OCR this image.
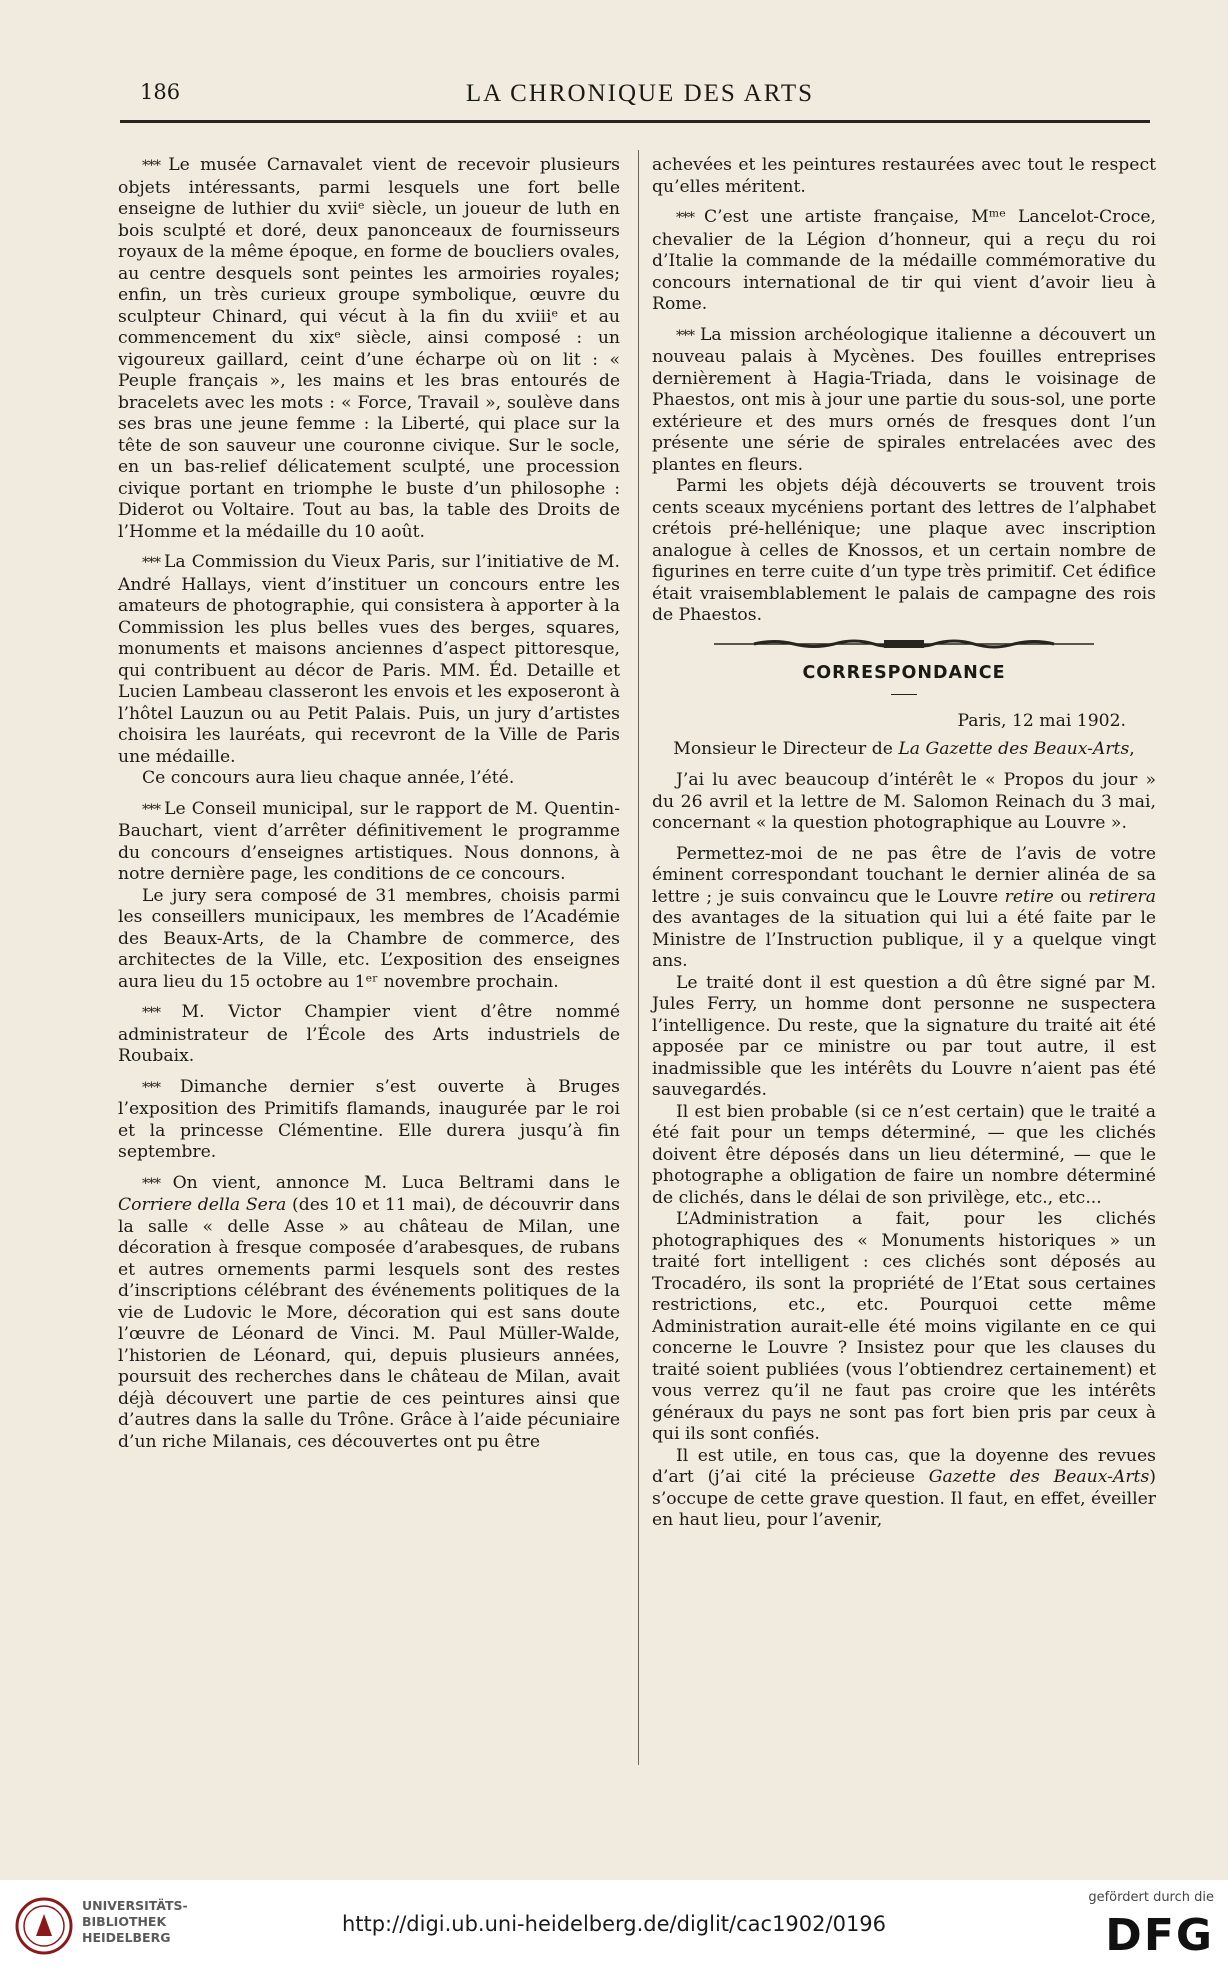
186	LA CHRONIQUE DES ARTS

*** Le musée Carnavalet vient de recevoir plusieurs objets intéressants, parmi lesquels une fort belle enseigne de luthier du xviiᵉ siècle, un joueur de luth en bois sculpté et doré, deux panonceaux de fournisseurs royaux de la même époque, en forme de boucliers ovales, au centre desquels sont peintes les armoiries royales; enfin, un très curieux groupe symbolique, œuvre du sculpteur Chinard, qui vécut à la fin du xviiiᵉ et au commencement du xixᵉ siècle, ainsi composé : un vigoureux gaillard, ceint d’une écharpe où on lit : « Peuple français », les mains et les bras entourés de bracelets avec les mots : « Force, Travail », soulève dans ses bras une jeune femme : la Liberté, qui place sur la tête de son sauveur une couronne civique. Sur le socle, en un bas-relief délicatement sculpté, une procession civique portant en triomphe le buste d’un philosophe : Diderot ou Voltaire. Tout au bas, la table des Droits de l’Homme et la médaille du 10 août.

*** La Commission du Vieux Paris, sur l’initiative de M. André Hallays, vient d’instituer un concours entre les amateurs de photographie, qui consistera à apporter à la Commission les plus belles vues des berges, squares, monuments et maisons anciennes d’aspect pittoresque, qui contribuent au décor de Paris. MM. Éd. Detaille et Lucien Lambeau classeront les envois et les exposeront à l’hôtel Lauzun ou au Petit Palais. Puis, un jury d’artistes choisira les lauréats, qui recevront de la Ville de Paris une médaille.

Ce concours aura lieu chaque année, l’été.

*** Le Conseil municipal, sur le rapport de M. Quentin-Bauchart, vient d’arrêter définitivement le programme du concours d’enseignes artistiques. Nous donnons, à notre dernière page, les conditions de ce concours.

Le jury sera composé de 31 membres, choisis parmi les conseillers municipaux, les membres de l’Académie des Beaux-Arts, de la Chambre de commerce, des architectes de la Ville, etc. L’exposition des enseignes aura lieu du 15 octobre au 1ᵉʳ novembre prochain.

*** M. Victor Champier vient d’être nommé administrateur de l’École des Arts industriels de Roubaix.

*** Dimanche dernier s’est ouverte à Bruges l’exposition des Primitifs flamands, inaugurée par le roi et la princesse Clémentine. Elle durera jusqu’à fin septembre.

*** On vient, annonce M. Luca Beltrami dans le Corriere della Sera (des 10 et 11 mai), de découvrir dans la salle « delle Asse » au château de Milan, une décoration à fresque composée d’arabesques, de rubans et autres ornements parmi lesquels sont des restes d’inscriptions célébrant des événements politiques de la vie de Ludovic le More, décoration qui est sans doute l’œuvre de Léonard de Vinci. M. Paul Müller-Walde, l’historien de Léonard, qui, depuis plusieurs années, poursuit des recherches dans le château de Milan, avait déjà découvert une partie de ces peintures ainsi que d’autres dans la salle du Trône. Grâce à l’aide pécuniaire d’un riche Milanais, ces découvertes ont pu être

achevées et les peintures restaurées avec tout le respect qu’elles méritent.

*** C’est une artiste française, Mᵐᵉ Lancelot-Croce, chevalier de la Légion d’honneur, qui a reçu du roi d’Italie la commande de la médaille commémorative du concours international de tir qui vient d’avoir lieu à Rome.

*** La mission archéologique italienne a découvert un nouveau palais à Mycènes. Des fouilles entreprises dernièrement à Hagia-Triada, dans le voisinage de Phaestos, ont mis à jour une partie du sous-sol, une porte extérieure et des murs ornés de fresques dont l’un présente une série de spirales entrelacées avec des plantes en fleurs.

Parmi les objets déjà découverts se trouvent trois cents sceaux mycéniens portant des lettres de l’alphabet crétois pré-hellénique; une plaque avec inscription analogue à celles de Knossos, et un certain nombre de figurines en terre cuite d’un type très primitif. Cet édifice était vraisemblablement le palais de campagne des rois de Phaestos.

CORRESPONDANCE
Paris, 12 mai 1902.
Monsieur le Directeur de La Gazette des Beaux-Arts,

J’ai lu avec beaucoup d’intérêt le « Propos du jour » du 26 avril et la lettre de M. Salomon Reinach du 3 mai, concernant « la question photographique au Louvre ».

Permettez-moi de ne pas être de l’avis de votre éminent correspondant touchant le dernier alinéa de sa lettre ; je suis convaincu que le Louvre retire ou retirera des avantages de la situation qui lui a été faite par le Ministre de l’Instruction publique, il y a quelque vingt ans.

Le traité dont il est question a dû être signé par M. Jules Ferry, un homme dont personne ne suspectera l’intelligence. Du reste, que la signature du traité ait été apposée par ce ministre ou par tout autre, il est inadmissible que les intérêts du Louvre n’aient pas été sauvegardés.

Il est bien probable (si ce n’est certain) que le traité a été fait pour un temps déterminé, — que les clichés doivent être déposés dans un lieu déterminé, — que le photographe a obligation de faire un nombre déterminé de clichés, dans le délai de son privilège, etc., etc...

L’Administration a fait, pour les clichés photographiques des « Monuments historiques » un traité fort intelligent : ces clichés sont déposés au Trocadéro, ils sont la propriété de l’Etat sous certaines restrictions, etc., etc. Pourquoi cette même Administration aurait-elle été moins vigilante en ce qui concerne le Louvre ? Insistez pour que les clauses du traité soient publiées (vous l’obtiendrez certainement) et vous verrez qu’il ne faut pas croire que les intérêts généraux du pays ne sont pas fort bien pris par ceux à qui ils sont confiés.

Il est utile, en tous cas, que la doyenne des revues d’art (j’ai cité la précieuse Gazette des Beaux-Arts) s’occupe de cette grave question. Il faut, en effet, éveiller en haut lieu, pour l’avenir,

UNIVERSITÄTS-
BIBLIOTHEK
HEIDELBERG
http://digi.ub.uni-heidelberg.de/diglit/cac1902/0196
gefördert durch die
DFG
